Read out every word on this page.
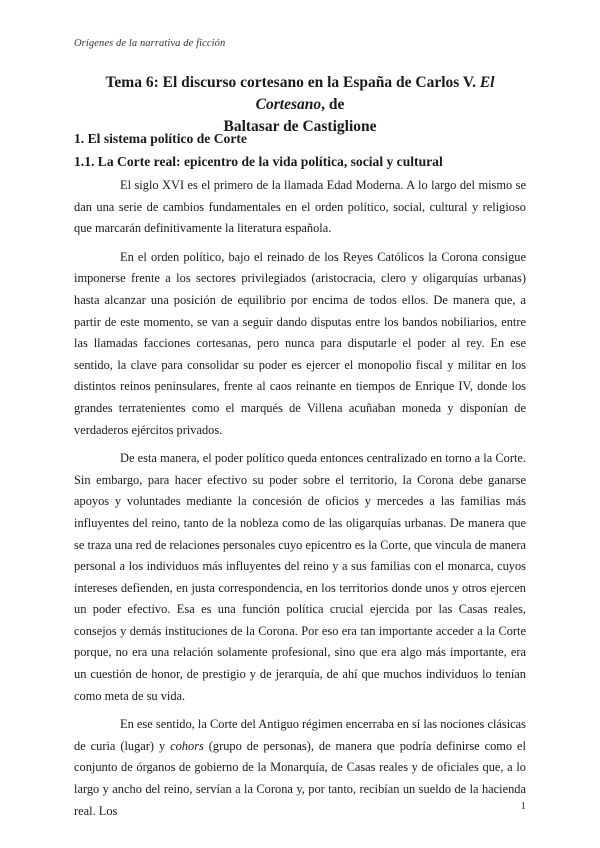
Orígenes de la narrativa de ficción
Tema 6: El discurso cortesano en la España de Carlos V. El Cortesano, de
Baltasar de Castiglione
1. El sistema político de Corte
1.1. La Corte real: epicentro de la vida política, social y cultural

El siglo XVI es el primero de la llamada Edad Moderna. A lo largo del mismo se dan una serie de cambios fundamentales en el orden político, social, cultural y religioso que marcarán definitivamente la literatura española.

En el orden político, bajo el reinado de los Reyes Católicos la Corona consigue imponerse frente a los sectores privilegiados (aristocracia, clero y oligarquías urbanas) hasta alcanzar una posición de equilibrio por encima de todos ellos. De manera que, a partir de este momento, se van a seguir dando disputas entre los bandos nobiliarios, entre las llamadas facciones cortesanas, pero nunca para disputarle el poder al rey. En ese sentido, la clave para consolidar su poder es ejercer el monopolio fiscal y militar en los distintos reinos peninsulares, frente al caos reinante en tiempos de Enrique IV, donde los grandes terratenientes como el marqués de Villena acuñaban moneda y disponían de verdaderos ejércitos privados.

De esta manera, el poder político queda entonces centralizado en torno a la Corte. Sin embargo, para hacer efectivo su poder sobre el territorio, la Corona debe ganarse apoyos y voluntades mediante la concesión de oficios y mercedes a las familias más influyentes del reino, tanto de la nobleza como de las oligarquías urbanas. De manera que se traza una red de relaciones personales cuyo epicentro es la Corte, que vincula de manera personal a los individuos más influyentes del reino y a sus familias con el monarca, cuyos intereses defienden, en justa correspondencia, en los territorios donde unos y otros ejercen un poder efectivo. Esa es una función política crucial ejercida por las Casas reales, consejos y demás instituciones de la Corona. Por eso era tan importante acceder a la Corte porque, no era una relación solamente profesional, sino que era algo más importante, era un cuestión de honor, de prestigio y de jerarquía, de ahí que muchos individuos lo tenían como meta de su vida.

En ese sentido, la Corte del Antiguo régimen encerraba en sí las nociones clásicas de curia (lugar) y cohors (grupo de personas), de manera que podría definirse como el conjunto de órganos de gobierno de la Monarquía, de Casas reales y de oficiales que, a lo largo y ancho del reino, servían a la Corona y, por tanto, recibían un sueldo de la hacienda real. Los	1
